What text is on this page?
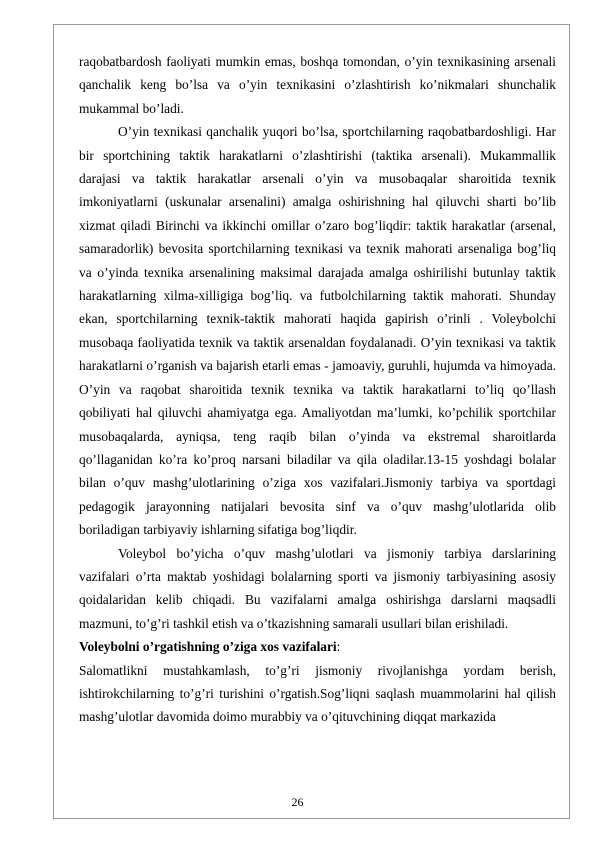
raqobatbardosh faoliyati mumkin emas, boshqa tomondan, o’yin texnikasining arsenali qanchalik keng bo’lsa va o’yin texnikasini o’zlashtirish ko’nikmalari shunchalik mukammal bo’ladi.

O’yin texnikasi qanchalik yuqori bo’lsa, sportchilarning raqobatbardoshligi. Har bir sportchining taktik harakatlarni o’zlashtirishi (taktika arsenali). Mukammallik darajasi va taktik harakatlar arsenali o’yin va musobaqalar sharoitida texnik imkoniyatlarni (uskunalar arsenalini) amalga oshirishning hal qiluvchi sharti bo’lib xizmat qiladi Birinchi va ikkinchi omillar o’zaro bog’liqdir: taktik harakatlar (arsenal, samaradorlik) bevosita sportchilarning texnikasi va texnik mahorati arsenaliga bog’liq va o’yinda texnika arsenalining maksimal darajada amalga oshirilishi butunlay taktik harakatlarning xilma-xilligiga bog’liq. va futbolchilarning taktik mahorati. Shunday ekan, sportchilarning texnik-taktik mahorati haqida gapirish o’rinli . Voleybolchi musobaqa faoliyatida texnik va taktik arsenaldan foydalanadi. O’yin texnikasi va taktik harakatlarni o’rganish va bajarish etarli emas - jamoaviy, guruhli, hujumda va himoyada. O’yin va raqobat sharoitida texnik texnika va taktik harakatlarni to’liq qo’llash qobiliyati hal qiluvchi ahamiyatga ega. Amaliyotdan ma’lumki, ko’pchilik sportchilar musobaqalarda, ayniqsa, teng raqib bilan o’yinda va ekstremal sharoitlarda qo’llaganidan ko’ra ko’proq narsani biladilar va qila oladilar.13-15 yoshdagi bolalar bilan o’quv mashg’ulotlarining o’ziga xos vazifalari.Jismoniy tarbiya va sportdagi pedagogik jarayonning natijalari bevosita sinf va o’quv mashg’ulotlarida olib boriladigan tarbiyaviy ishlarning sifatiga bog’liqdir.

Voleybol bo’yicha o’quv mashg’ulotlari va jismoniy tarbiya darslarining vazifalari o’rta maktab yoshidagi bolalarning sporti va jismoniy tarbiyasining asosiy qoidalaridan kelib chiqadi. Bu vazifalarni amalga oshirishga darslarni maqsadli mazmuni, to’g’ri tashkil etish va o’tkazishning samarali usullari bilan erishiladi.

Voleybolni o’rgatishning o’ziga xos vazifalari:

Salomatlikni mustahkamlash, to’g’ri jismoniy rivojlanishga yordam berish, ishtirokchilarning to’g’ri turishini o’rgatish.Sog’liqni saqlash muammolarini hal qilish mashg’ulotlar davomida doimo murabbiy va o’qituvchining diqqat markazida

26
